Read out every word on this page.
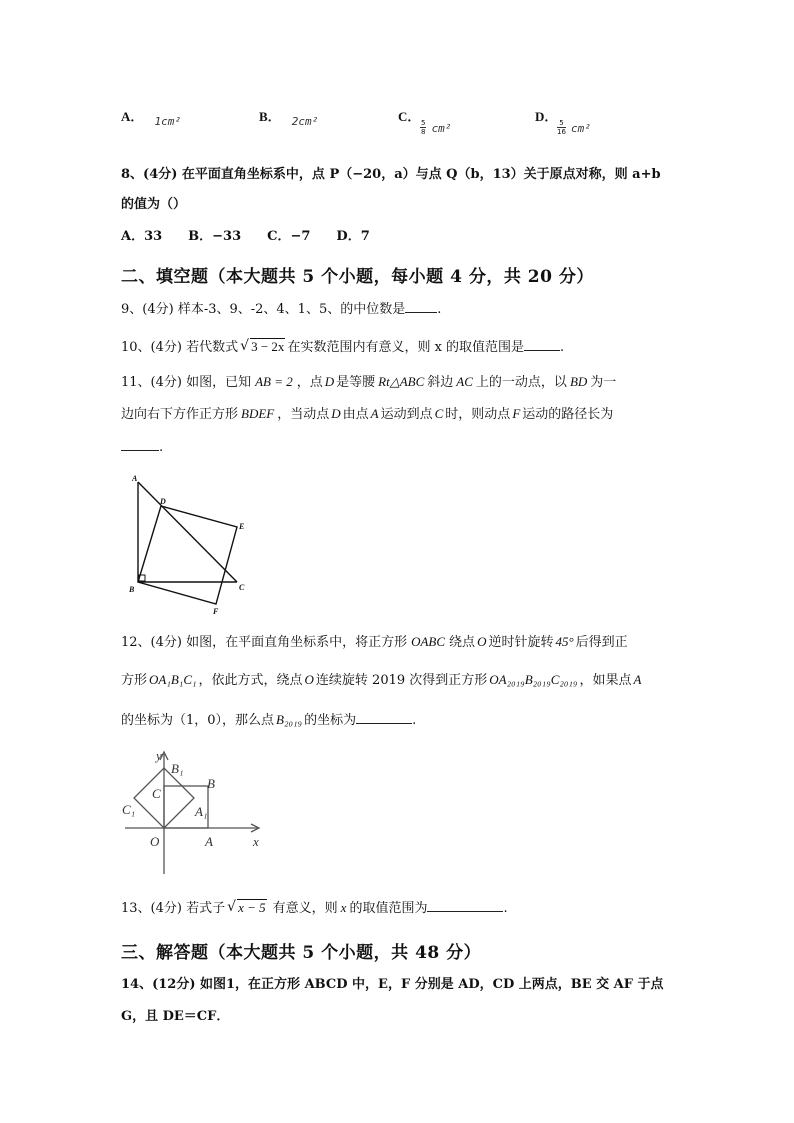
A． $_{1cm^2}$	B． $_{2cm^2}$	C．
$\frac{5}{8} cm^2$
D．
$\frac{5}{16} cm^2$
8、(4分) 在平面直角坐标系中，点 P（−20，a）与点 Q（b，13）关于原点对称，则 a+b
的值为（）
A．33　　B．−33　　C．−7　　D．7
二、填空题（本大题共 5 个小题，每小题 4 分，共 20 分）
9、(4分) 样本-3、9、-2、4、1、5、的中位数是 .
10、(4分) 若代数式 √ 3 − 2x 在实数范围内有意义，则 x 的取值范围是	.
11、(4分) 如图，已知 AB = 2 ，点 D 是等腰 Rt△ABC 斜边 AC 上的一动点，以 BD 为一
边向右下方作正方形 BDEF ，当动点 D 由点 A 运动到点 C 时，则动点 F 运动的路径长为
.
A
D
E
B	C
F
12、(4分) 如图，在平面直角坐标系中，将正方形 OABC 绕点 O 逆时针旋转 45° 后得到正
方形 OA₁B₁C₁ ，依此方式，绕点 O 连续旋转 2019 次得到正方形 OA₂₀₁₉B₂₀₁₉C₂₀₁₉ ，如果点 A
的坐标为（1，0），那么点 B₂₀₁₉ 的坐标为	.
y
B₁
B
C
C₁	A₁
O	A	x
13、(4分) 若式子 √ x − 5 有意义，则 x 的取值范围为	.
三、解答题（本大题共 5 个小题，共 48 分）
14、(12分) 如图1，在正方形 ABCD 中，E，F 分别是 AD，CD 上两点，BE 交 AF 于点
G，且 DE＝CF．
